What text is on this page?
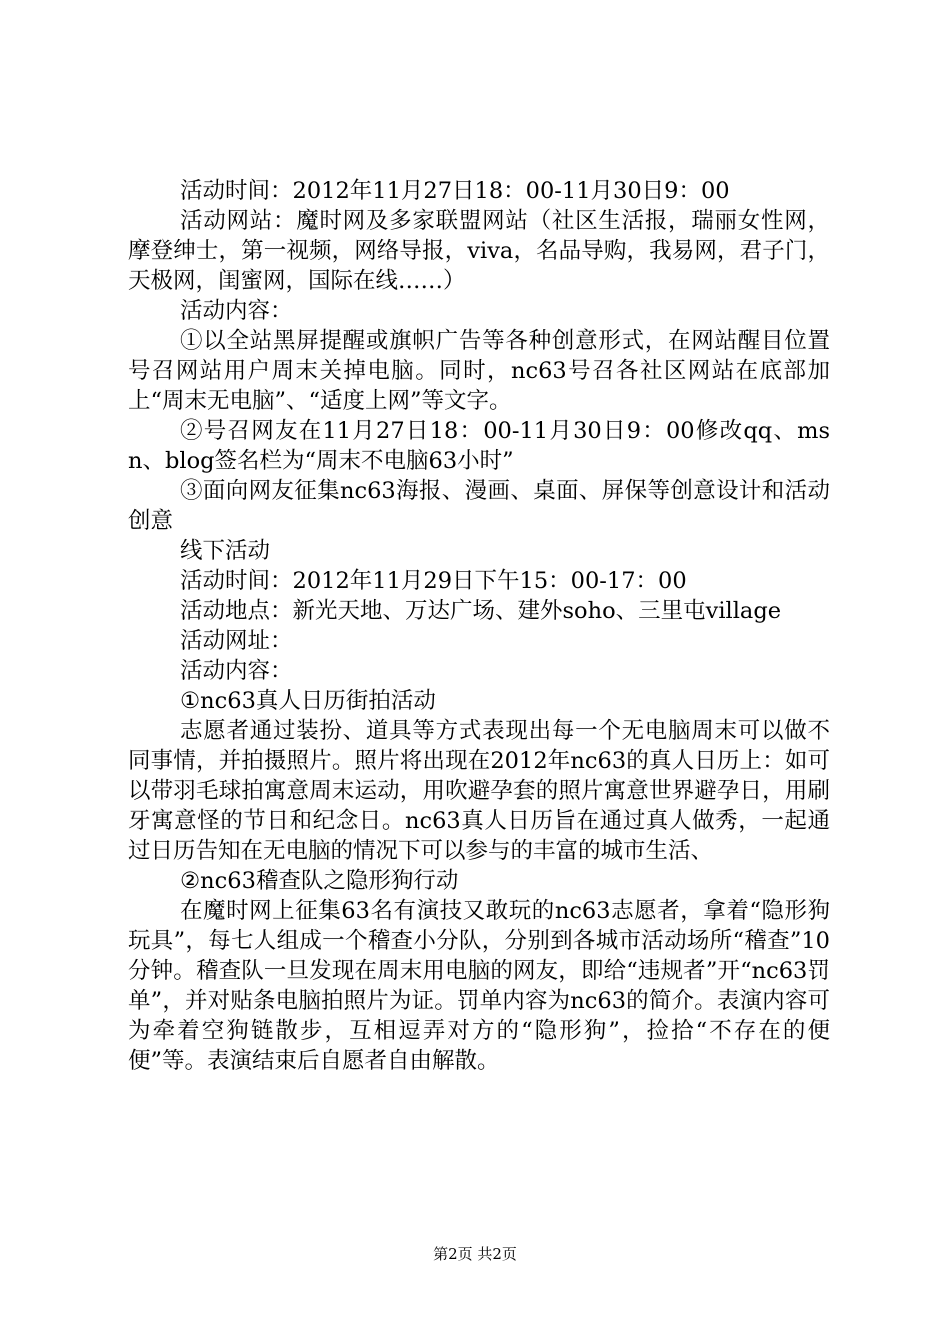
活动时间：2012年11月27日18：00-11月30日9：00

活动网站：魔时网及多家联盟网站（社区生活报，瑞丽女性网，摩登绅士，第一视频，网络导报，viva，名品导购，我易网，君子门，天极网，闺蜜网，国际在线……）

活动内容：

①以全站黑屏提醒或旗帜广告等各种创意形式，在网站醒目位置号召网站用户周末关掉电脑。同时，nc63号召各社区网站在底部加上“周末无电脑”、“适度上网”等文字。

②号召网友在11月27日18：00-11月30日9：00修改qq、msn、blog签名栏为“周末不电脑63小时”

③面向网友征集nc63海报、漫画、桌面、屏保等创意设计和活动创意

线下活动

活动时间：2012年11月29日下午15：00-17：00

活动地点：新光天地、万达广场、建外soho、三里屯village

活动网址：

活动内容：

①nc63真人日历街拍活动

志愿者通过装扮、道具等方式表现出每一个无电脑周末可以做不同事情，并拍摄照片。照片将出现在2012年nc63的真人日历上：如可以带羽毛球拍寓意周末运动，用吹避孕套的照片寓意世界避孕日，用刷牙寓意怪的节日和纪念日。nc63真人日历旨在通过真人做秀，一起通过日历告知在无电脑的情况下可以参与的丰富的城市生活、

②nc63稽查队之隐形狗行动

在魔时网上征集63名有演技又敢玩的nc63志愿者，拿着“隐形狗玩具”，每七人组成一个稽查小分队，分别到各城市活动场所“稽查”10分钟。稽查队一旦发现在周末用电脑的网友，即给“违规者”开“nc63罚单”，并对贴条电脑拍照片为证。罚单内容为nc63的简介。表演内容可为牵着空狗链散步，互相逗弄对方的“隐形狗”，捡拾“不存在的便便”等。表演结束后自愿者自由解散。

第2页 共2页
